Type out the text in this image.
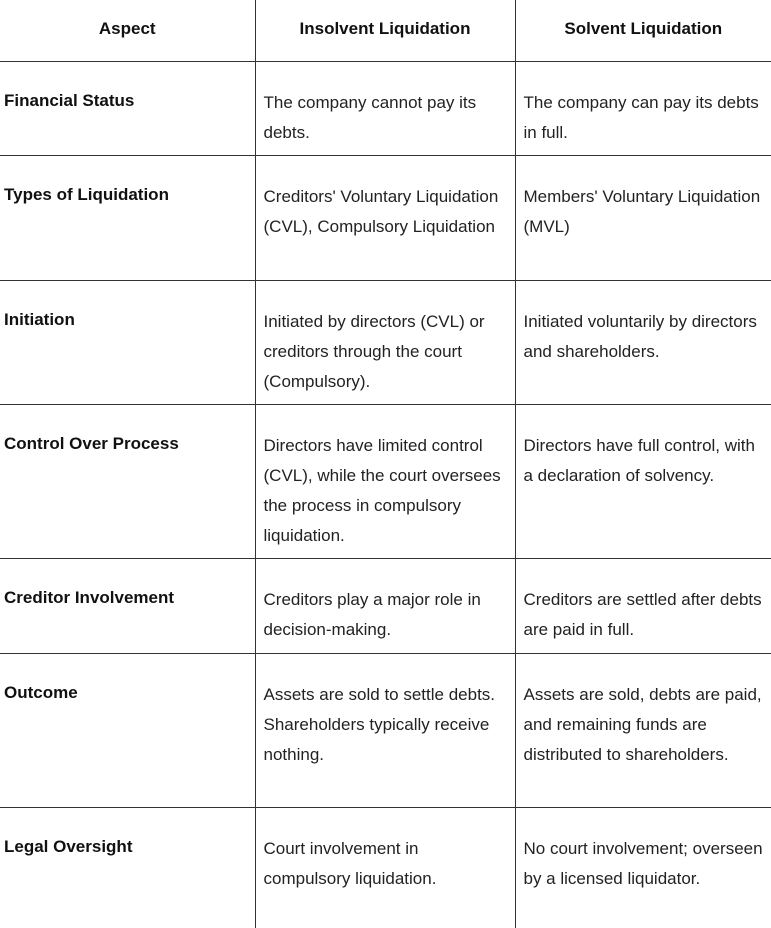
Aspect	Insolvent Liquidation	Solvent Liquidation

Financial Status	The company cannot pay its debts.	The company can pay its debts in full.
Types of Liquidation	Creditors' Voluntary Liquidation (CVL), Compulsory Liquidation	Members' Voluntary Liquidation (MVL)
Initiation	Initiated by directors (CVL) or creditors through the court (Compulsory).	Initiated voluntarily by directors and shareholders.
Control Over Process	Directors have limited control (CVL), while the court oversees the process in compulsory liquidation.	Directors have full control, with a declaration of solvency.
Creditor Involvement	Creditors play a major role in decision-making.	Creditors are settled after debts are paid in full.
Outcome	Assets are sold to settle debts. Shareholders typically receive nothing.	Assets are sold, debts are paid, and remaining funds are distributed to shareholders.
Legal Oversight	Court involvement in compulsory liquidation.	No court involvement; overseen by a licensed liquidator.
